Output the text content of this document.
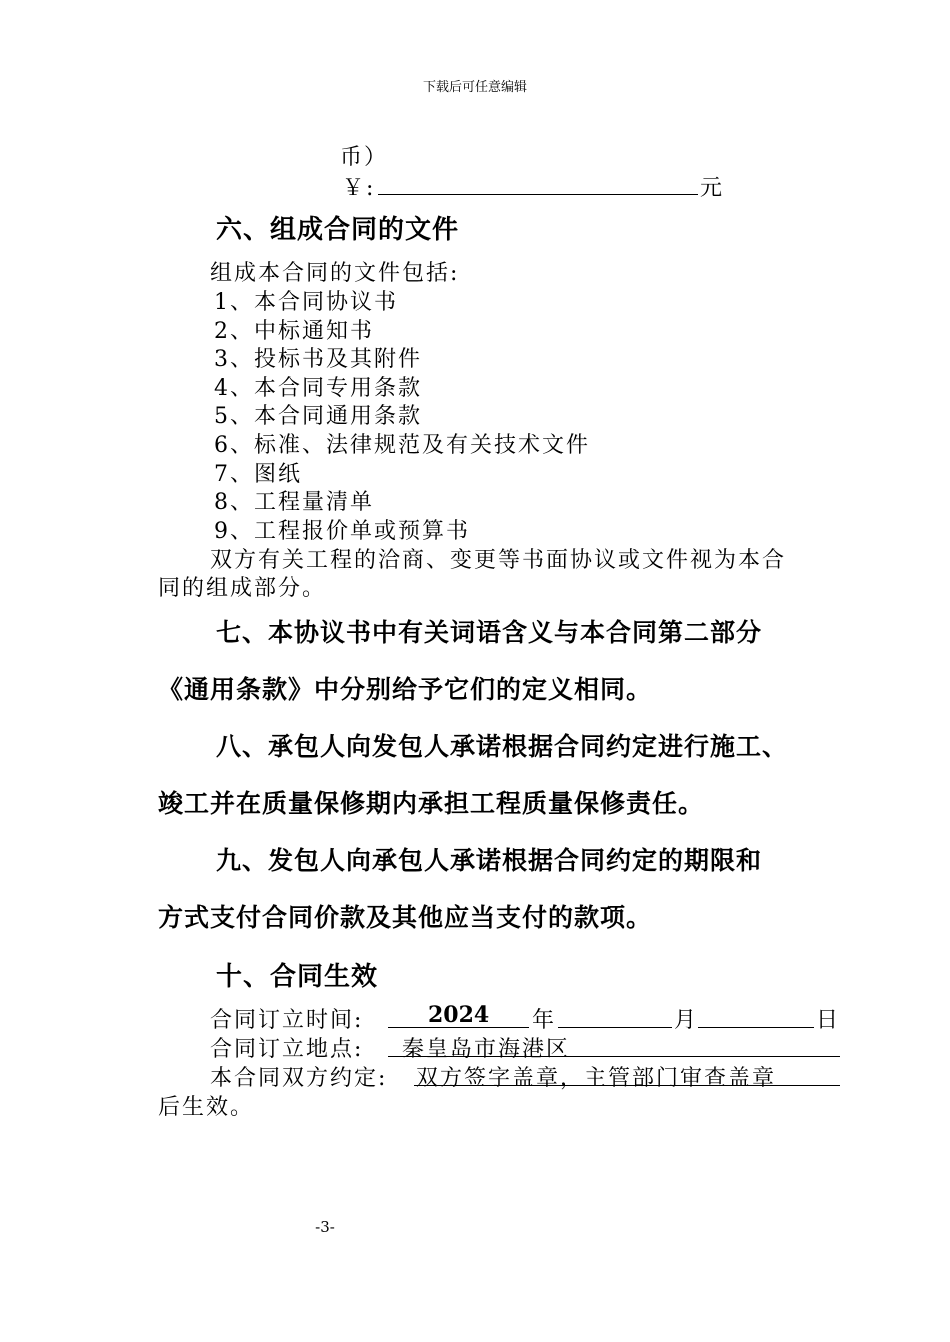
下载后可任意编辑
币）
￥:	元
六、组成合同的文件
组成本合同的文件包括:
1、本合同协议书
2、中标通知书
3、投标书及其附件
4、本合同专用条款
5、本合同通用条款
6、标准、法律规范及有关技术文件
7、图纸
8、工程量清单
9、工程报价单或预算书
双方有关工程的洽商、变更等书面协议或文件视为本合
同的组成部分。
七、本协议书中有关词语含义与本合同第二部分
《通用条款》中分别给予它们的定义相同。
八、承包人向发包人承诺根据合同约定进行施工、
竣工并在质量保修期内承担工程质量保修责任。
九、发包人向承包人承诺根据合同约定的期限和
方式支付合同价款及其他应当支付的款项。
十、合同生效
合同订立时间:	2024 年	月	日
合同订立地点: 秦皇岛市海港区
本合同双方约定: 双方签字盖章，主管部门审查盖章
后生效。
-3-
